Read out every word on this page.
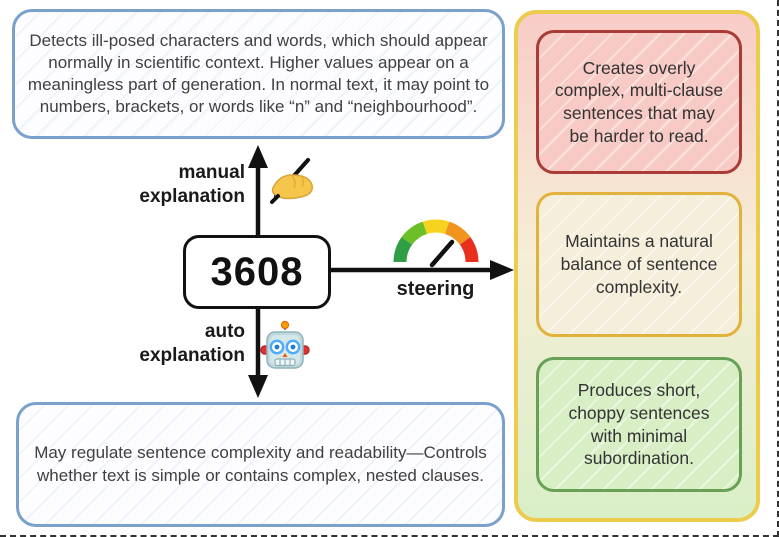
Detects ill-posed characters and words, which should appear normally in scientific context. Higher values appear on a meaningless part of generation. In normal text, it may point to numbers, brackets, or words like “n” and “neighbourhood”.
May regulate sentence complexity and readability—Controls whether text is simple or contains complex, nested clauses.
3608
manual explanation
auto explanation
steering
Creates overly complex, multi-clause sentences that may be harder to read.
Maintains a natural balance of sentence complexity.
Produces short, choppy sentences with minimal subordination.
